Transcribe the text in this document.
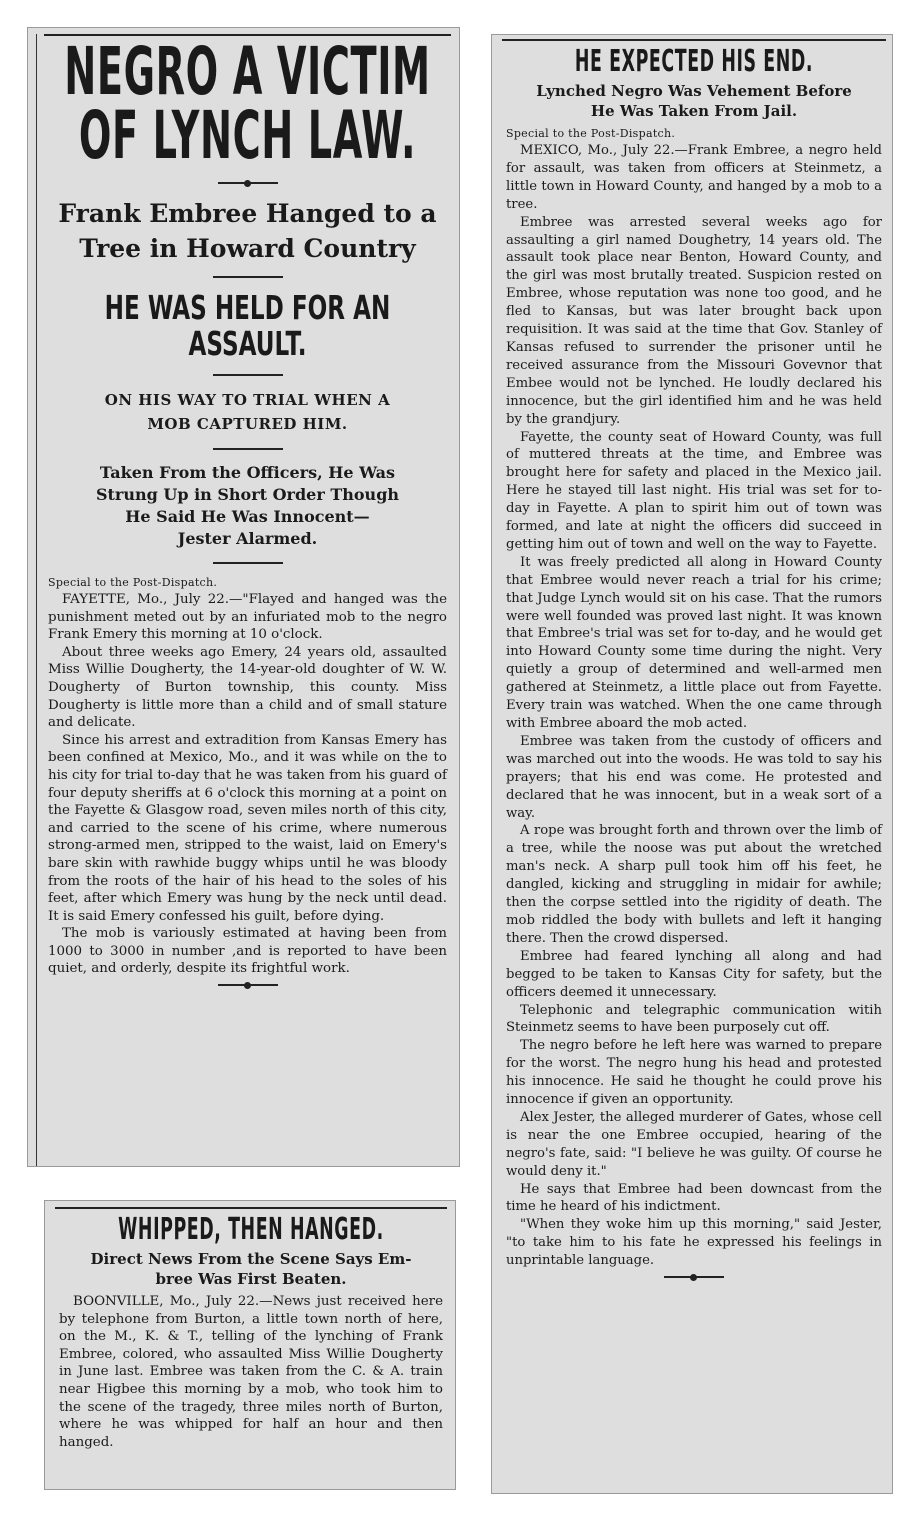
NEGRO A VICTIM
OF LYNCH LAW.
Frank Embree Hanged to a
Tree in Howard Country
HE WAS HELD FOR AN ASSAULT.
ON HIS WAY TO TRIAL WHEN A
MOB CAPTURED HIM.
Taken From the Officers, He Was
Strung Up in Short Order Though
He Said He Was Innocent—
Jester Alarmed.
Special to the Post-Dispatch.

FAYETTE, Mo., July 22.—"Flayed and hanged was the punishment meted out by an infuriated mob to the negro Frank Emery this morning at 10 o'clock.

About three weeks ago Emery, 24 years old, assaulted Miss Willie Dougherty, the 14-year-old doughter of W. W. Dougherty of Burton township, this county. Miss Dougherty is little more than a child and of small stature and delicate.

Since his arrest and extradition from Kansas Emery has been confined at Mexico, Mo., and it was while on the to his city for trial to-day that he was taken from his guard of four deputy sheriffs at 6 o'clock this morning at a point on the Fayette & Glasgow road, seven miles north of this city, and carried to the scene of his crime, where numerous strong-armed men, stripped to the waist, laid on Emery's bare skin with rawhide buggy whips until he was bloody from the roots of the hair of his head to the soles of his feet, after which Emery was hung by the neck until dead. It is said Emery confessed his guilt, before dying.

The mob is variously estimated at having been from 1000 to 3000 in number ,and is reported to have been quiet, and orderly, despite its frightful work.

HE EXPECTED HIS END.
Lynched Negro Was Vehement Before
He Was Taken From Jail.
Special to the Post-Dispatch.

MEXICO, Mo., July 22.—Frank Embree, a negro held for assault, was taken from officers at Steinmetz, a little town in Howard County, and hanged by a mob to a tree.

Embree was arrested several weeks ago for assaulting a girl named Doughetry, 14 years old. The assault took place near Benton, Howard County, and the girl was most brutally treated. Suspicion rested on Embree, whose reputation was none too good, and he fled to Kansas, but was later brought back upon requisition. It was said at the time that Gov. Stanley of Kansas refused to surrender the prisoner until he received assurance from the Missouri Govevnor that Embee would not be lynched. He loudly declared his innocence, but the girl identified him and he was held by the grandjury.

Fayette, the county seat of Howard County, was full of muttered threats at the time, and Embree was brought here for safety and placed in the Mexico jail. Here he stayed till last night. His trial was set for to-day in Fayette. A plan to spirit him out of town was formed, and late at night the officers did succeed in getting him out of town and well on the way to Fayette.

It was freely predicted all along in Howard County that Embree would never reach a trial for his crime; that Judge Lynch would sit on his case. That the rumors were well founded was proved last night. It was known that Embree's trial was set for to-day, and he would get into Howard County some time during the night. Very quietly a group of determined and well-armed men gathered at Steinmetz, a little place out from Fayette. Every train was watched. When the one came through with Embree aboard the mob acted.

Embree was taken from the custody of officers and was marched out into the woods. He was told to say his prayers; that his end was come. He protested and declared that he was innocent, but in a weak sort of a way.

A rope was brought forth and thrown over the limb of a tree, while the noose was put about the wretched man's neck. A sharp pull took him off his feet, he dangled, kicking and struggling in midair for awhile; then the corpse settled into the rigidity of death. The mob riddled the body with bullets and left it hanging there. Then the crowd dispersed.

Embree had feared lynching all along and had begged to be taken to Kansas City for safety, but the officers deemed it unnecessary.

Telephonic and telegraphic communication witih Steinmetz seems to have been purposely cut off.

The negro before he left here was warned to prepare for the worst. The negro hung his head and protested his innocence. He said he thought he could prove his innocence if given an opportunity.

Alex Jester, the alleged murderer of Gates, whose cell is near the one Embree occupied, hearing of the negro's fate, said: "I believe he was guilty. Of course he would deny it."

He says that Embree had been downcast from the time he heard of his indictment.

"When they woke him up this morning," said Jester, "to take him to his fate he expressed his feelings in unprintable language.

WHIPPED, THEN HANGED.
Direct News From the Scene Says Em-
bree Was First Beaten.

BOONVILLE, Mo., July 22.—News just received here by telephone from Burton, a little town north of here, on the M., K. & T., telling of the lynching of Frank Embree, colored, who assaulted Miss Willie Dougherty in June last. Embree was taken from the C. & A. train near Higbee this morning by a mob, who took him to the scene of the tragedy, three miles north of Burton, where he was whipped for half an hour and then hanged.
